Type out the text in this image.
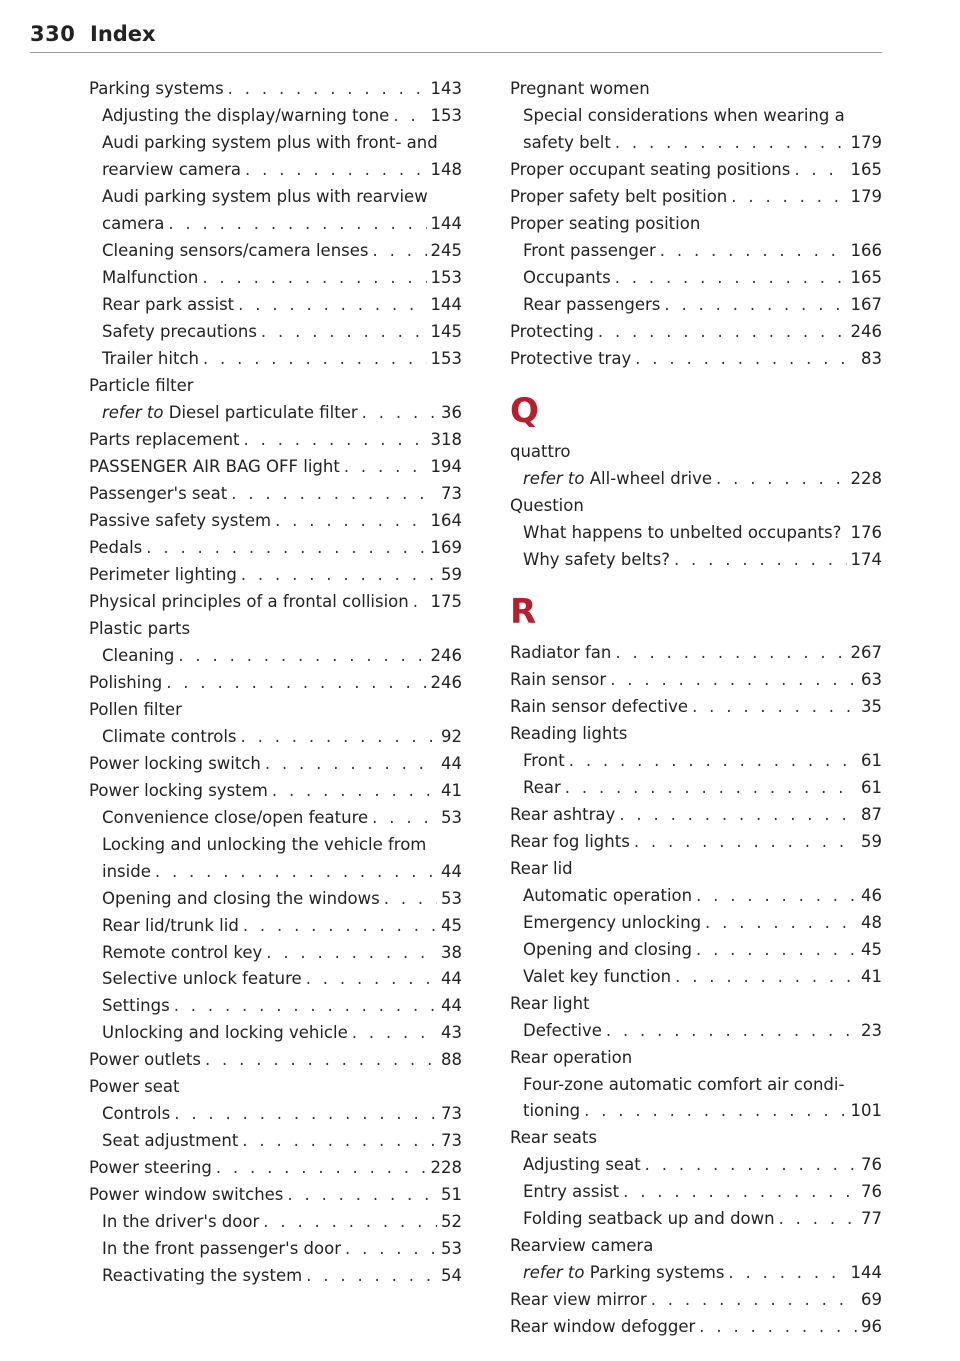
330 Index
Parking systems . . .	143
Adjusting the display/warning tone . . . 153
Audi parking system plus with front- and
rearview camera . . .	148
Audi parking system plus with rearview
camera . . .	144
Cleaning sensors/camera lenses . . .	245
Malfunction . . .	153
Rear park assist . . .	144
Safety precautions . . .	145
Trailer hitch . . .	153
Particle filter
refer to Diesel particulate filter . . .	36
Parts replacement . . .	318
PASSENGER AIR BAG OFF light . . .	194
Passenger's seat . . .	73
Passive safety system . . .	164
Pedals . . .	169
Perimeter lighting . . .	59
Physical principles of a frontal collision . . . 175
Plastic parts
Cleaning . . .	246
Polishing . . .	246
Pollen filter
Climate controls . . .	92
Power locking switch . . .	44
Power locking system . . .	41
Convenience close/open feature . . .	53
Locking and unlocking the vehicle from
inside . . .	44
Opening and closing the windows . . .	53
Rear lid/trunk lid . . .	45
Remote control key . . .	38
Selective unlock feature . . .	44
Settings . . .	44
Unlocking and locking vehicle . . .	43
Power outlets . . .	88
Power seat
Controls . . .	73
Seat adjustment . . .	73
Power steering . . .	228
Power window switches . . .	51
In the driver's door . . .	52
In the front passenger's door . . .	53
Reactivating the system . . .	54
Pregnant women
Special considerations when wearing a
safety belt . . .	179
Proper occupant seating positions . . .	165
Proper safety belt position . . .	179
Proper seating position
Front passenger . . .	166
Occupants . . .	165
Rear passengers . . .	167
Protecting . . .	246
Protective tray . . .	83
Q
quattro
refer to All-wheel drive . . .	228
Question
What happens to unbelted occupants? 176
Why safety belts? . . .	174
R
Radiator fan . . .	267
Rain sensor . . .	63
Rain sensor defective . . .	35
Reading lights
Front . . .	61
Rear . . .	61
Rear ashtray . . .	87
Rear fog lights . . .	59
Rear lid
Automatic operation . . .	46
Emergency unlocking . . .	48
Opening and closing . . .	45
Valet key function . . .	41
Rear light
Defective . . .	23
Rear operation
Four-zone automatic comfort air condi-
tioning . . .	101
Rear seats
Adjusting seat . . .	76
Entry assist . . .	76
Folding seatback up and down . . .	77
Rearview camera
refer to Parking systems . . .	144
Rear view mirror . . .	69
Rear window defogger . . .	96
